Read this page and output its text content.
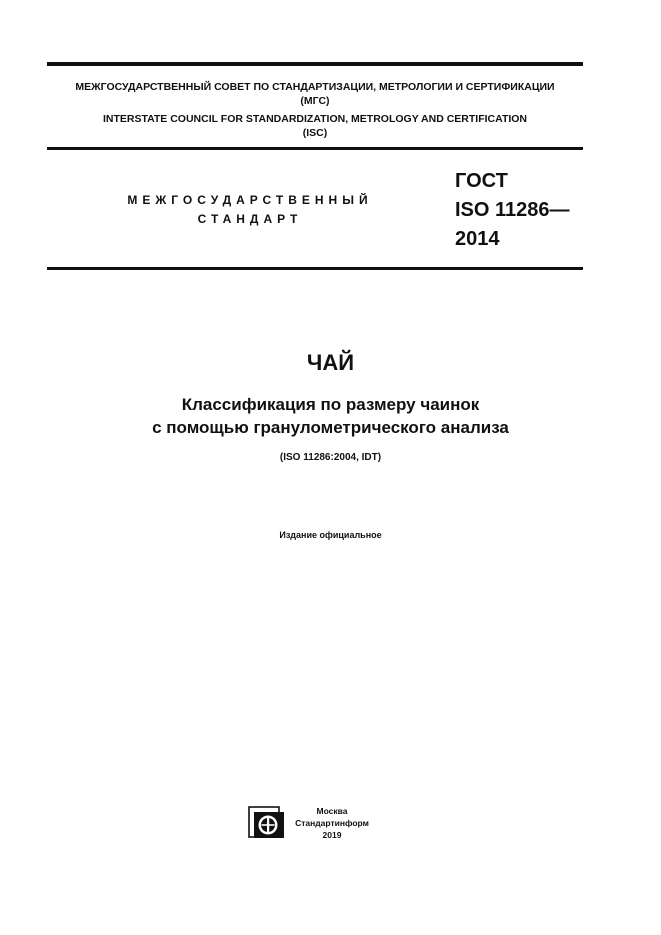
МЕЖГОСУДАРСТВЕННЫЙ СОВЕТ ПО СТАНДАРТИЗАЦИИ, МЕТРОЛОГИИ И СЕРТИФИКАЦИИ
(МГС)
INTERSTATE COUNCIL FOR STANDARDIZATION, METROLOGY AND CERTIFICATION
(ISC)
МЕЖГОСУДАРСТВЕННЫЙ
СТАНДАРТ
ГОСТ
ISO 11286—
2014
ЧАЙ
Классификация по размеру чаинок
с помощью гранулометрического анализа
(ISO 11286:2004, IDT)
Издание официальное
Москва
Стандартинформ
2019
